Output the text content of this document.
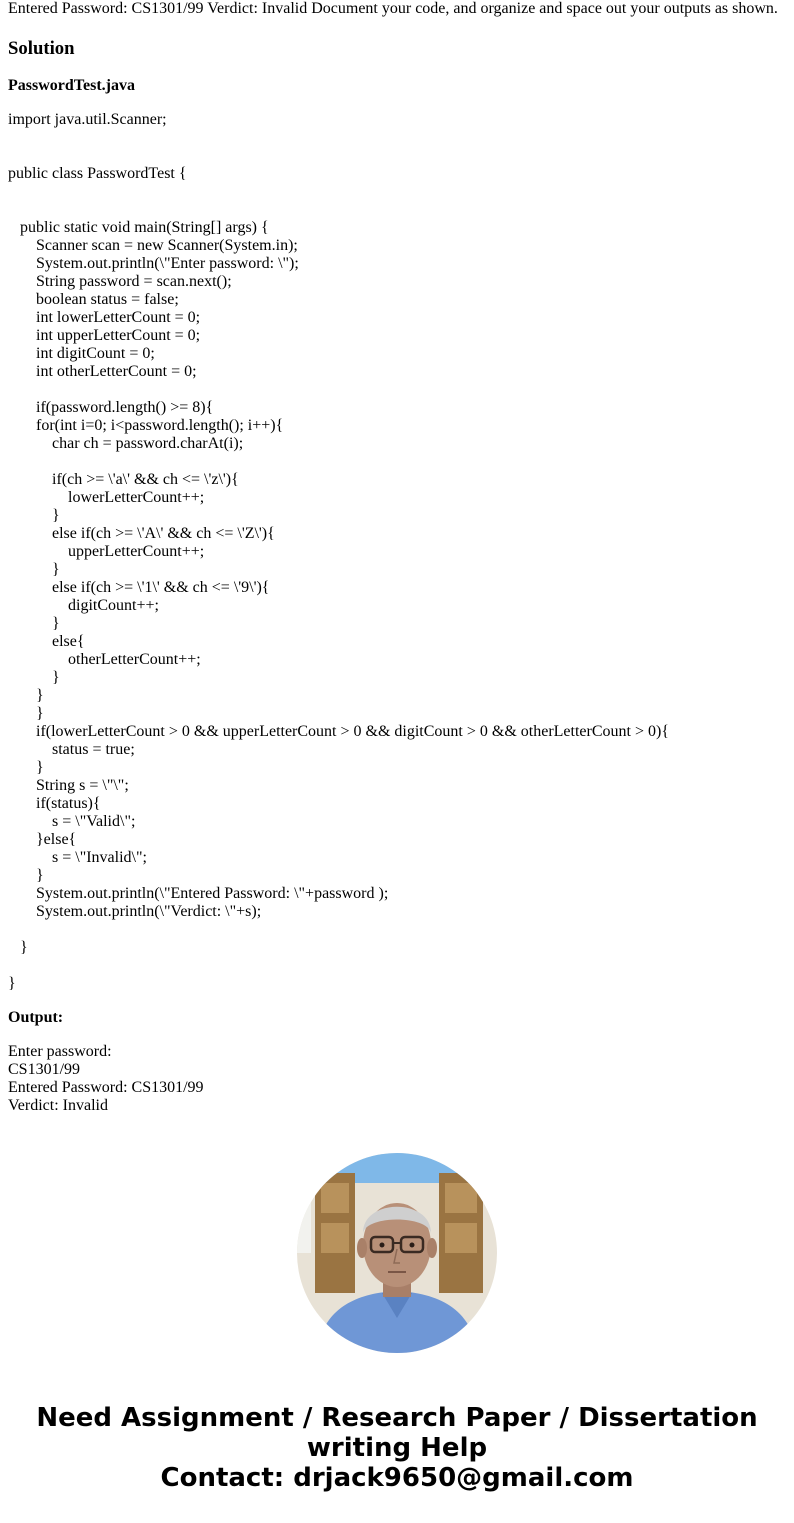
Entered Password: CS1301/99 Verdict: Invalid Document your code, and organize and space out your outputs as shown.

Solution
PasswordTest.java
import java.util.Scanner;
public class PasswordTest {
public static void main(String[] args) {
Scanner scan = new Scanner(System.in);
System.out.println(\"Enter password: \");
String password = scan.next();
boolean status = false;
int lowerLetterCount = 0;
int upperLetterCount = 0;
int digitCount = 0;
int otherLetterCount = 0;
if(password.length() >= 8){
for(int i=0; i<password.length(); i++){
char ch = password.charAt(i);
if(ch >= \'a\' && ch <= \'z\'){
lowerLetterCount++;
}
else if(ch >= \'A\' && ch <= \'Z\'){
upperLetterCount++;
}
else if(ch >= \'1\' && ch <= \'9\'){
digitCount++;
}
else{
otherLetterCount++;
}
}
}
if(lowerLetterCount > 0 && upperLetterCount > 0 && digitCount > 0 && otherLetterCount > 0){
status = true;
}
String s = \"\";
if(status){
s = \"Valid\";
}else{
s = \"Invalid\";
}
System.out.println(\"Entered Password: \"+password );
System.out.println(\"Verdict: \"+s);
}
}
Output:
Enter password:
CS1301/99
Entered Password: CS1301/99
Verdict: Invalid
Need Assignment / Research Paper / Dissertation
writing Help
Contact: drjack9650@gmail.com
